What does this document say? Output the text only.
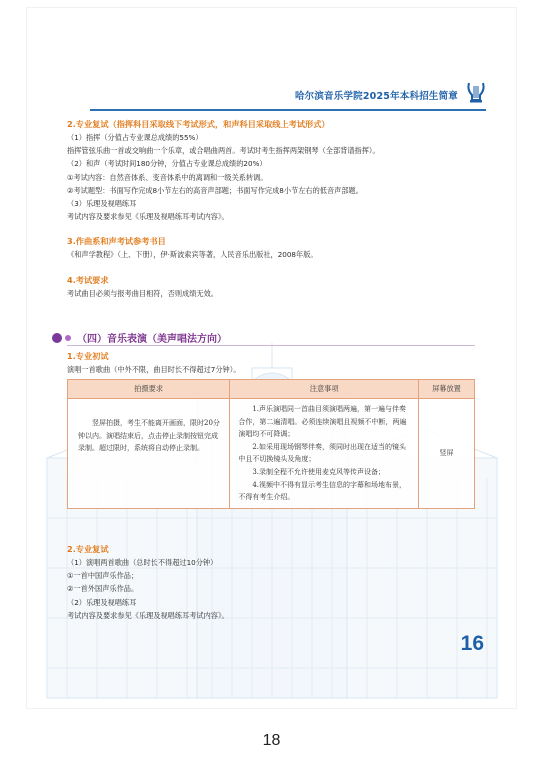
哈尔滨音乐学院2025年本科招生简章
16

2.专业复试（指挥科目采取线下考试形式，和声科目采取线上考试形式）

（1）指挥（分值占专业课总成绩的55%）

指挥管弦乐曲一首或交响曲一个乐章，或合唱曲两首。考试时考生指挥两架钢琴（全部背谱指挥）。

（2）和声（考试时间180分钟，分值占专业课总成绩的20%）

①考试内容：自然音体系、变音体系中的离调和一级关系转调。

②考试题型：书面写作完成8小节左右的高音声部题；书面写作完成8小节左右的低音声部题。

（3）乐理及视唱练耳

考试内容及要求参见《乐理及视唱练耳考试内容》。

3.作曲系和声考试参考书目

《和声学教程》（上、下册），伊·斯波索宾等著，人民音乐出版社，2008年版。

4.考试要求

考试曲目必须与报考曲目相符，否则成绩无效。

（四）音乐表演（美声唱法方向）

1.专业初试

演唱一首歌曲（中外不限，曲目时长不得超过7分钟）。

拍摄要求	注意事项	屏幕放置
竖屏拍摄，考生不能离开画面，限时20分钟以内。演唱结束后，点击停止录制按钮完成录制。超过限时，系统将自动停止录制。	1.声乐演唱同一首曲目须演唱两遍，第一遍与伴奏合作，第二遍清唱。必须连续演唱且视频不中断，两遍演唱均不可降调；
2.如采用现场钢琴伴奏，须同时出现在适当的镜头中且不切换镜头及角度；
3.录制全程不允许使用麦克风等传声设备；
4.视频中不得有显示考生信息的字幕和场地布景，不得有考生介绍。	竖屏

2.专业复试

（1）演唱两首歌曲（总时长不得超过10分钟）

①一首中国声乐作品；

②一首外国声乐作品。

（2）乐理及视唱练耳

考试内容及要求参见《乐理及视唱练耳考试内容》。

18
